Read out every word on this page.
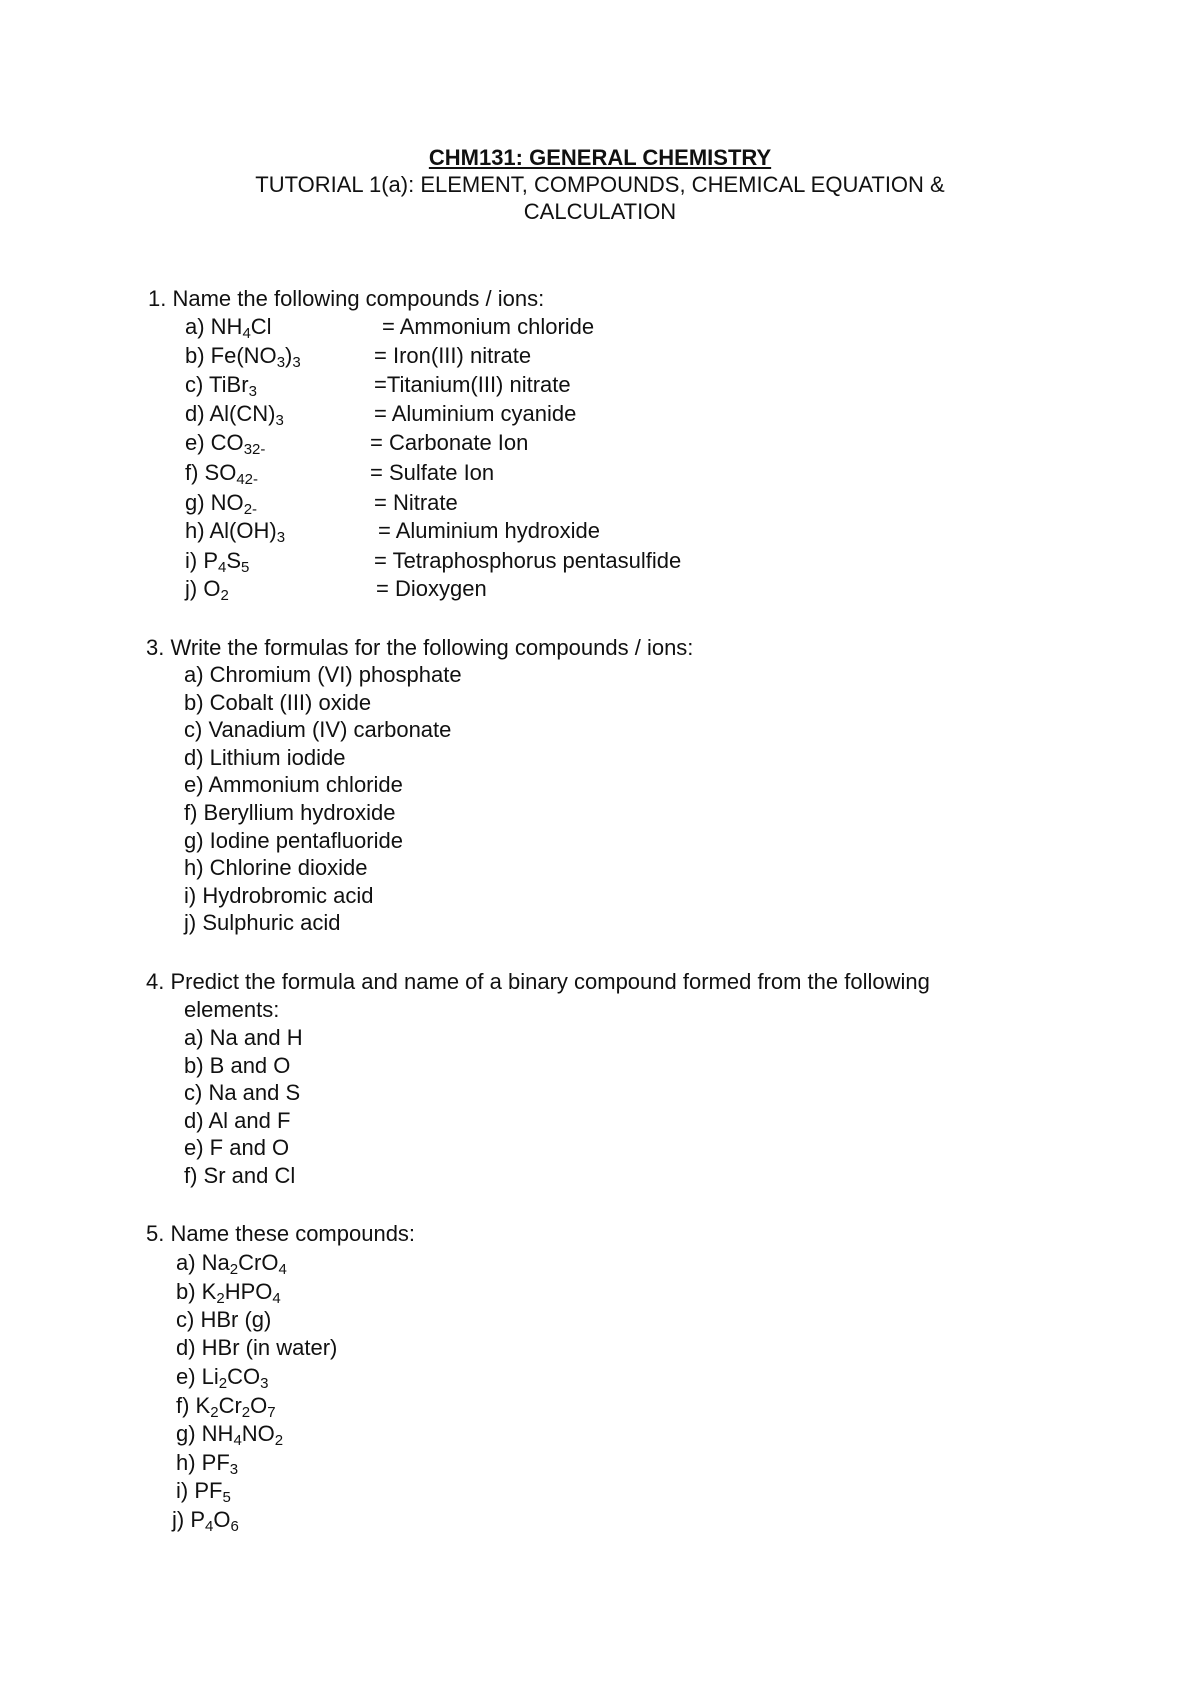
CHM131: GENERAL CHEMISTRY

TUTORIAL 1(a): ELEMENT, COMPOUNDS, CHEMICAL EQUATION &

CALCULATION

1. Name the following compounds / ions:
a) $NH_4Cl$	= Ammonium chloride
b) $Fe(NO_3)_3$	= Iron(III) nitrate
c) TiBr$_3$	=Titanium(III) nitrate
d) $Al(CN)_3$	= Aluminium cyanide
e) $CO_{32-}$	= Carbonate Ion
f) $SO_{42-}$	= Sulfate Ion
g) $NO_{2-}$	= Nitrate
h) $Al(OH)_3$	= Aluminium hydroxide
i) $P_4S_5$	= Tetraphosphorus pentasulfide
j) $O_2$	= Dioxygen
3. Write the formulas for the following compounds / ions:
a) Chromium (VI) phosphate
b) Cobalt (III) oxide
c) Vanadium (IV) carbonate
d) Lithium iodide
e) Ammonium chloride
f) Beryllium hydroxide
g) Iodine pentafluoride
h) Chlorine dioxide
i) Hydrobromic acid
j) Sulphuric acid
4. Predict the formula and name of a binary compound formed from the following
elements:
a) Na and H
b) B and O
c) Na and S
d) Al and F
e) F and O
f) Sr and Cl
5. Name these compounds:
a) $Na_2CrO_4$
b) $K_2HPO_4$
c) HBr (g)
d) HBr (in water)
e) $Li_2CO_3$
f) $K_2Cr_2O_7$
g) $NH_4NO_2$
h) $PF_3$
i) $PF_5$
j) $P_4O_6$
